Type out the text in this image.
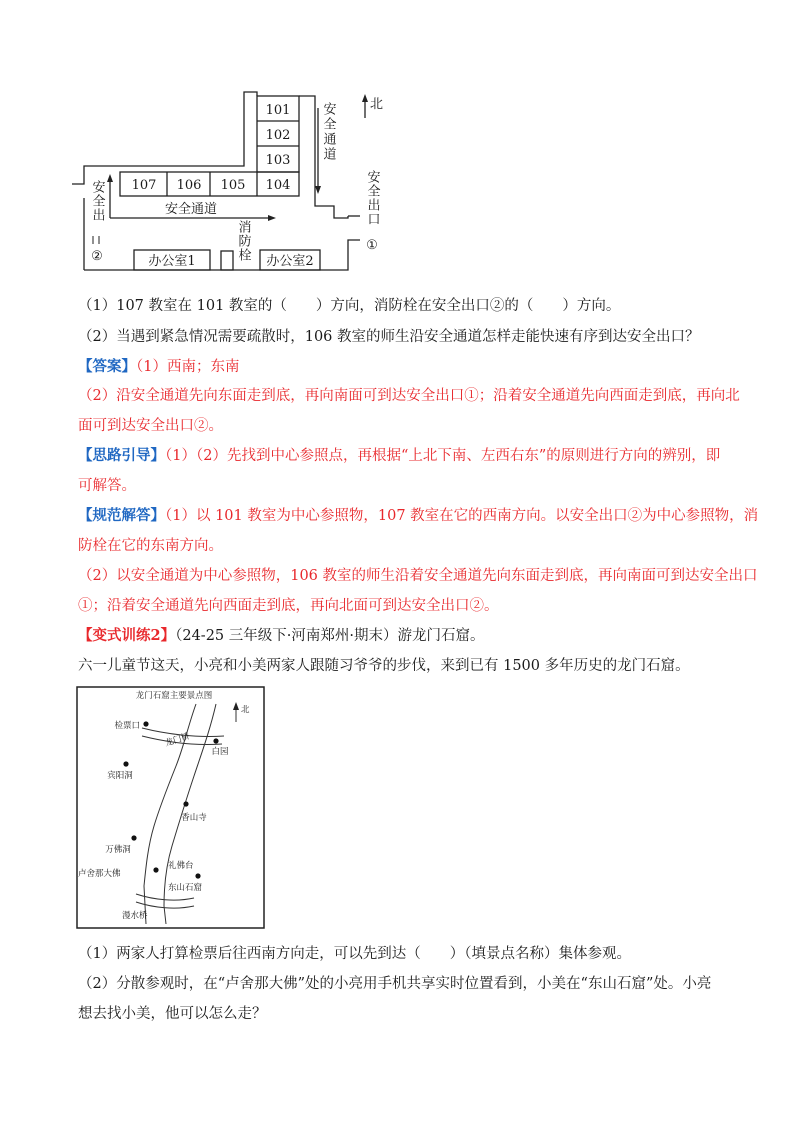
101
102
103
107 106 105 104
安全通道
北
办公室1	办公室2
①
②
安全通道
安全出口
安全出
消防栓
（1）107 教室在 101 教室的（　　）方向，消防栓在安全出口②的（　　）方向。
（2）当遇到紧急情况需要疏散时，106 教室的师生沿安全通道怎样走能快速有序到达安全出口？
【答案】（1）西南；东南
（2）沿安全通道先向东面走到底，再向南面可到达安全出口①；沿着安全通道先向西面走到底，再向北
面可到达安全出口②。
【思路引导】（1）（2）先找到中心参照点，再根据“上北下南、左西右东”的原则进行方向的辨别，即
可解答。
【规范解答】（1）以 101 教室为中心参照物，107 教室在它的西南方向。以安全出口②为中心参照物，消
防栓在它的东南方向。
（2）以安全通道为中心参照物，106 教室的师生沿着安全通道先向东面走到底，再向南面可到达安全出口
①；沿着安全通道先向西面走到底，再向北面可到达安全出口②。
【变式训练2】（24-25 三年级下·河南郑州·期末）游龙门石窟。
六一儿童节这天，小亮和小美两家人跟随习爷爷的步伐，来到已有 1500 多年历史的龙门石窟。
龙门石窟主要景点图
北
检票口
龙门桥
白园
宾阳洞
香山寺
万佛洞
卢舍那大佛
礼佛台
东山石窟
漫水桥
（1）两家人打算检票后往西南方向走，可以先到达（　　）（填景点名称）集体参观。
（2）分散参观时，在“卢舍那大佛”处的小亮用手机共享实时位置看到，小美在“东山石窟”处。小亮
想去找小美，他可以怎么走？
